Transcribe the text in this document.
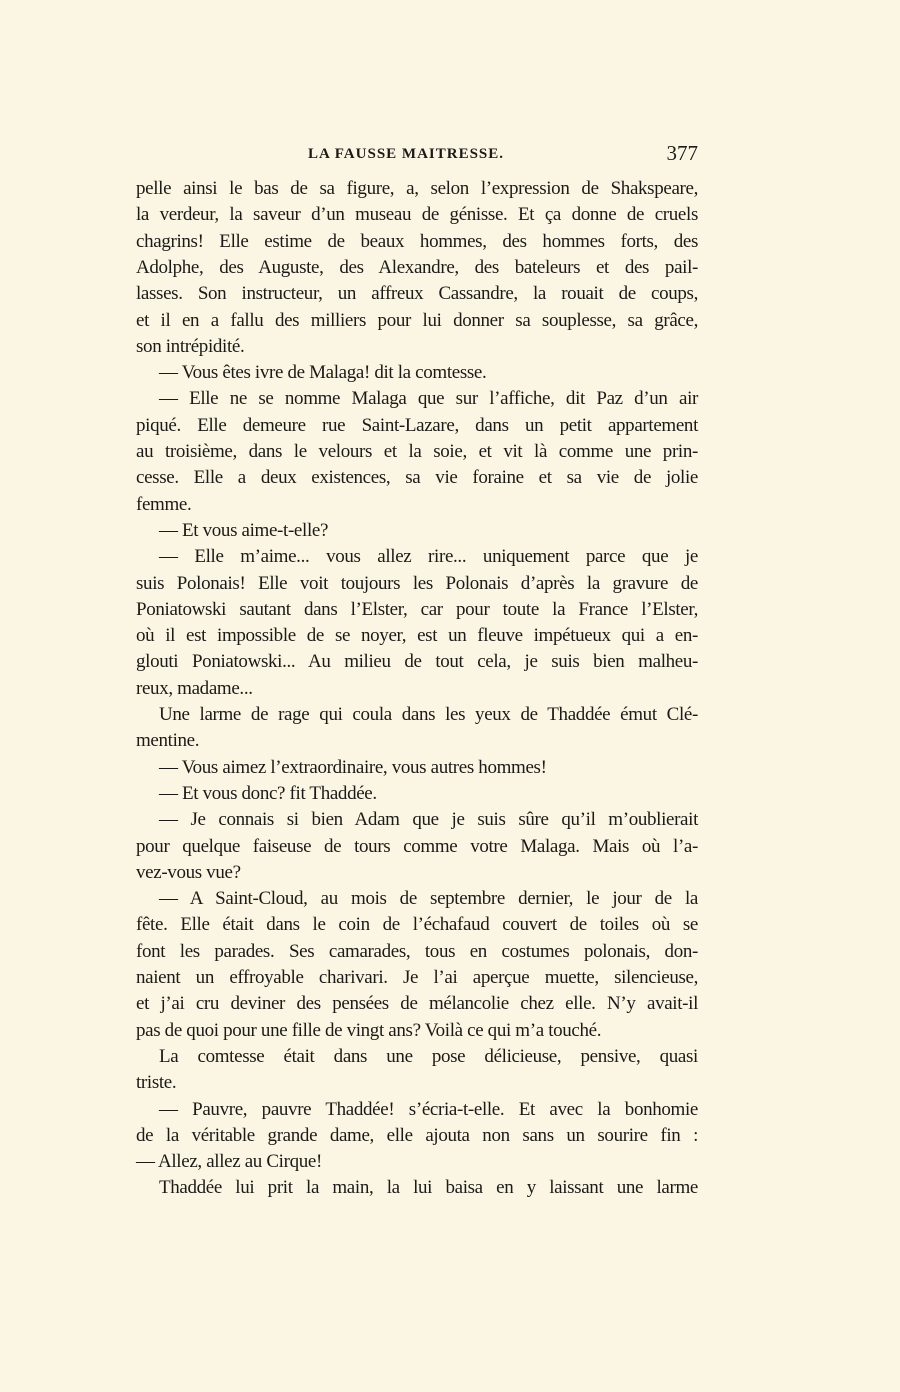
LA FAUSSE MAITRESSE.	377
pelle ainsi le bas de sa figure, a, selon l’expression de Shakspeare,
la verdeur, la saveur d’un museau de génisse. Et ça donne de cruels
chagrins! Elle estime de beaux hommes, des hommes forts, des
Adolphe, des Auguste, des Alexandre, des bateleurs et des pail-
lasses. Son instructeur, un affreux Cassandre, la rouait de coups,
et il en a fallu des milliers pour lui donner sa souplesse, sa grâce,
son intrépidité.
— Vous êtes ivre de Malaga! dit la comtesse.
— Elle ne se nomme Malaga que sur l’affiche, dit Paz d’un air
piqué. Elle demeure rue Saint-Lazare, dans un petit appartement
au troisième, dans le velours et la soie, et vit là comme une prin-
cesse. Elle a deux existences, sa vie foraine et sa vie de jolie
femme.
— Et vous aime-t-elle?
— Elle m’aime... vous allez rire... uniquement parce que je
suis Polonais! Elle voit toujours les Polonais d’après la gravure de
Poniatowski sautant dans l’Elster, car pour toute la France l’Elster,
où il est impossible de se noyer, est un fleuve impétueux qui a en-
glouti Poniatowski... Au milieu de tout cela, je suis bien malheu-
reux, madame...
Une larme de rage qui coula dans les yeux de Thaddée émut Clé-
mentine.
— Vous aimez l’extraordinaire, vous autres hommes!
— Et vous donc? fit Thaddée.
— Je connais si bien Adam que je suis sûre qu’il m’oublierait
pour quelque faiseuse de tours comme votre Malaga. Mais où l’a-
vez-vous vue?
— A Saint-Cloud, au mois de septembre dernier, le jour de la
fête. Elle était dans le coin de l’échafaud couvert de toiles où se
font les parades. Ses camarades, tous en costumes polonais, don-
naient un effroyable charivari. Je l’ai aperçue muette, silencieuse,
et j’ai cru deviner des pensées de mélancolie chez elle. N’y avait-il
pas de quoi pour une fille de vingt ans? Voilà ce qui m’a touché.
La comtesse était dans une pose délicieuse, pensive, quasi
triste.
— Pauvre, pauvre Thaddée! s’écria-t-elle. Et avec la bonhomie
de la véritable grande dame, elle ajouta non sans un sourire fin :
— Allez, allez au Cirque!
Thaddée lui prit la main, la lui baisa en y laissant une larme
